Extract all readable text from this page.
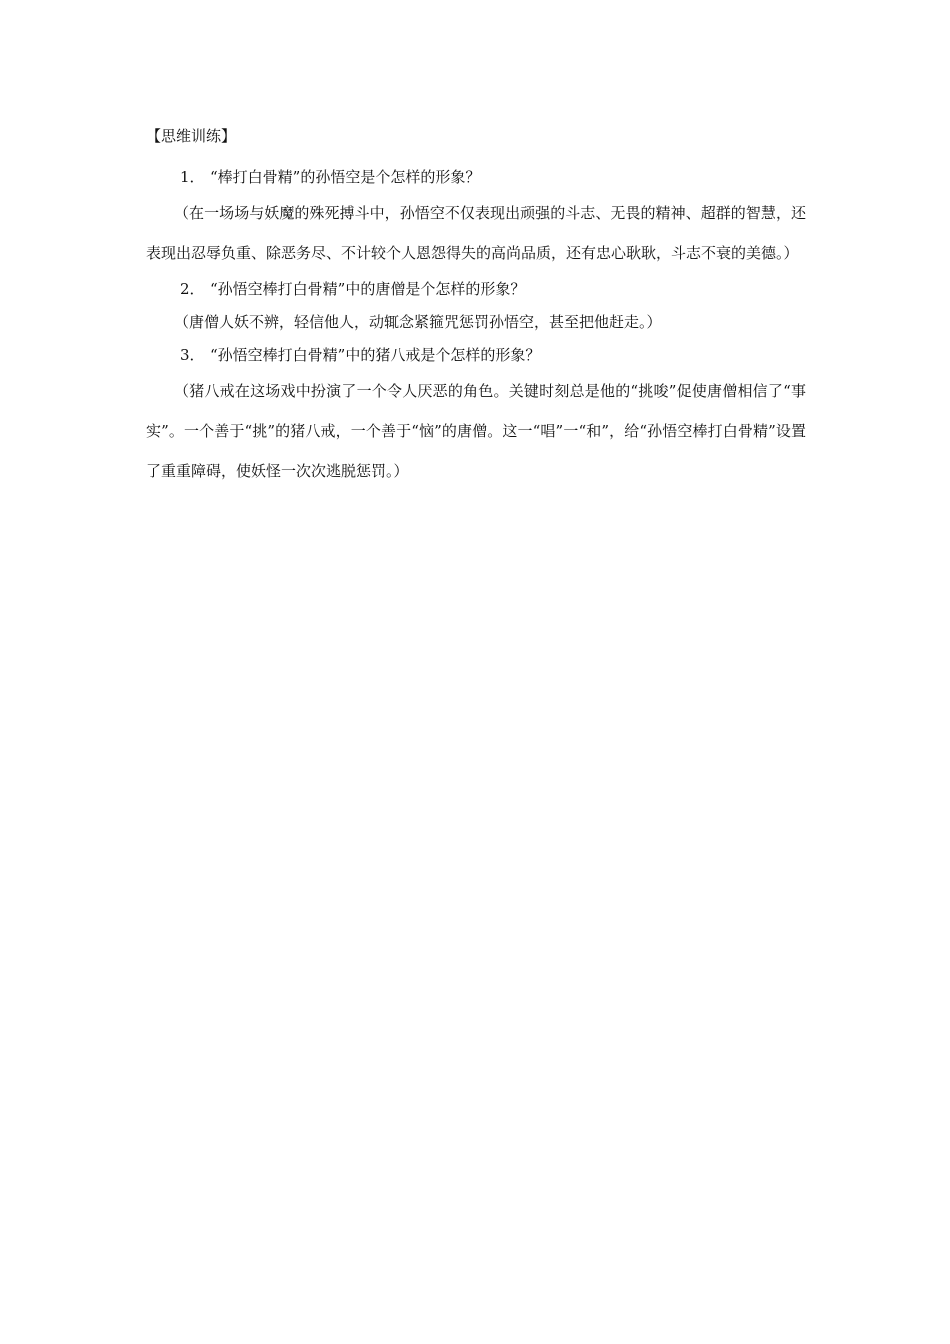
【思维训练】

1． “棒打白骨精”的孙悟空是个怎样的形象？

（在一场场与妖魔的殊死搏斗中，孙悟空不仅表现出顽强的斗志、无畏的精神、超群的智慧，还表现出忍辱负重、除恶务尽、不计较个人恩怨得失的高尚品质，还有忠心耿耿，斗志不衰的美德。）

2． “孙悟空棒打白骨精”中的唐僧是个怎样的形象？

（唐僧人妖不辨，轻信他人，动辄念紧箍咒惩罚孙悟空，甚至把他赶走。）

3． “孙悟空棒打白骨精”中的猪八戒是个怎样的形象？

（猪八戒在这场戏中扮演了一个令人厌恶的角色。关键时刻总是他的“挑唆”促使唐僧相信了“事实”。一个善于“挑”的猪八戒，一个善于“恼”的唐僧。这一“唱”一“和”，给“孙悟空棒打白骨精”设置了重重障碍，使妖怪一次次逃脱惩罚。）
